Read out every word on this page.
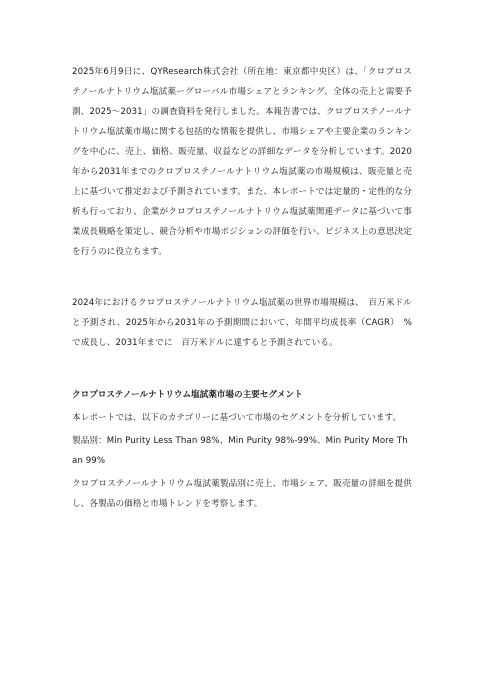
2025年6月9日に、QYResearch株式会社（所在地：東京都中央区）は、「クロプロステノールナトリウム塩試薬ーグローバル市場シェアとランキング、全体の売上と需要予測、2025〜2031」の調査資料を発行しました。本報告書では、クロプロステノールナトリウム塩試薬市場に関する包括的な情報を提供し、市場シェアや主要企業のランキングを中心に、売上、価格、販売量、収益などの詳細なデータを分析しています。2020年から2031年までのクロプロステノールナトリウム塩試薬の市場規模は、販売量と売上に基づいて推定および予測されています。また、本レポートでは定量的・定性的な分析も行っており、企業がクロプロステノールナトリウム塩試薬関連データに基づいて事業成長戦略を策定し、競合分析や市場ポジションの評価を行い、ビジネス上の意思決定を行うのに役立ちます。

2024年におけるクロプロステノールナトリウム塩試薬の世界市場規模は、　百万米ドルと予測され、2025年から2031年の予測期間において、年間平均成長率（CAGR）　%で成長し、2031年までに　百万米ドルに達すると予測されている。

クロプロステノールナトリウム塩試薬市場の主要セグメント

本レポートでは、以下のカテゴリーに基づいて市場のセグメントを分析しています。

製品別：Min Purity Less Than 98%、Min Purity 98%-99%、Min Purity More Than 99%

クロプロステノールナトリウム塩試薬製品別に売上、市場シェア、販売量の詳細を提供し、各製品の価格と市場トレンドを考察します。
